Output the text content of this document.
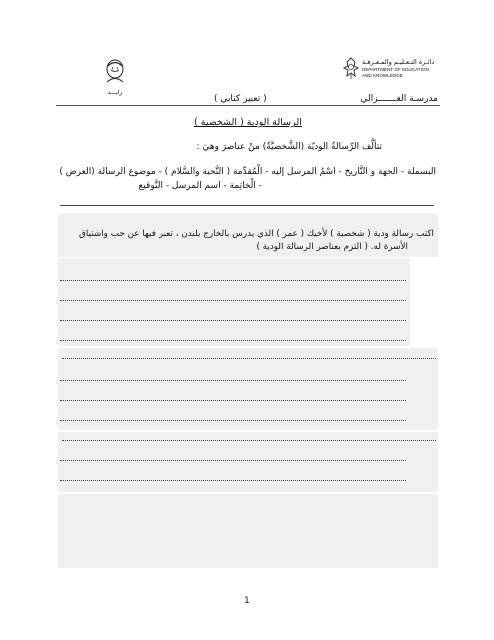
زايـــد
دائـرة التـعـليـم والمـعـرفـة
DEPARTMENT OF EDUCATION
AND KNOWLEDGE
مدرسـة الغـــــــزالي
( تعبير كتابي )
الرسالة الودية ( الشخصية )
تتألَّف الرِّسالةُ الوديّة (الشَّخصيَّةُ) منْ عناصرَ وهيَ :
البسملة - الجهة و التَّاريخ - اسْمُ المرسل إليه - الْمُقدِّمة ( التَّحية والسَّلام ) - موضوع الرسالة (العرض )
- الْخاتِمة - اسم المرسل - التَّوقيع
اكتب رسالة ودية ( شخصية ) لأخيك ( عمر ) الذي يدرس بالخارج بلندن ، تعبر فيها عن حب واشتياق
الأسرة له. ( التزم بعناصر الرسالة الودية )
1
